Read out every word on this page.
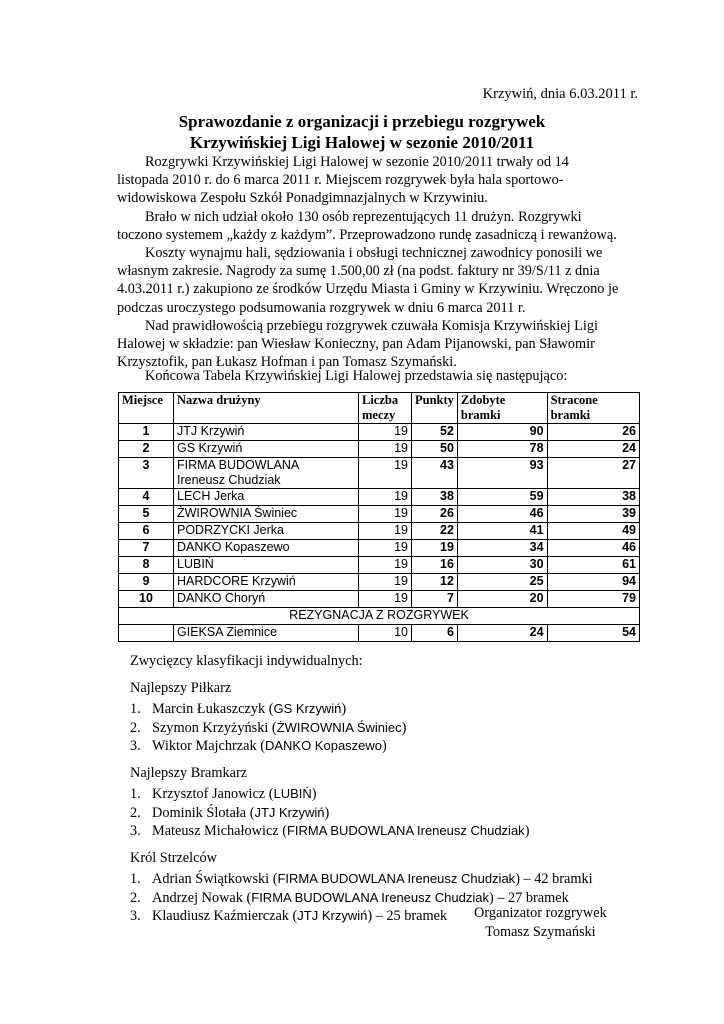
Krzywiń, dnia 6.03.2011 r.
Sprawozdanie z organizacji i przebiegu rozgrywek
Krzywińskiej Ligi Halowej w sezonie 2010/2011

Rozgrywki Krzywińskiej Ligi Halowej w sezonie 2010/2011 trwały od 14 listopada 2010 r. do 6 marca 2011 r. Miejscem rozgrywek była hala sportowo-widowiskowa Zespołu Szkół Ponadgimnazjalnych w Krzywiniu.

Brało w nich udział około 130 osób reprezentujących 11 drużyn. Rozgrywki toczono systemem „każdy z każdym”. Przeprowadzono rundę zasadniczą i rewanżową.

Koszty wynajmu hali, sędziowania i obsługi technicznej zawodnicy ponosili we własnym zakresie. Nagrody za sumę 1.500,00 zł (na podst. faktury nr 39/S/11 z dnia 4.03.2011 r.) zakupiono ze środków Urzędu Miasta i Gminy w Krzywiniu. Wręczono je podczas uroczystego podsumowania rozgrywek w dniu 6 marca 2011 r.

Nad prawidłowością przebiegu rozgrywek czuwała Komisja Krzywińskiej Ligi Halowej w składzie: pan Wiesław Konieczny, pan Adam Pijanowski, pan Sławomir Krzysztofik, pan Łukasz Hofman i pan Tomasz Szymański.

Końcowa Tabela Krzywińskiej Ligi Halowej przedstawia się następująco:
Miejsce	Nazwa drużyny	Liczba meczy	Punkty	Zdobyte bramki	Stracone bramki
1	JTJ Krzywiń	19	52	90	26
2	GS Krzywiń	19	50	78	24
3	FIRMA BUDOWLANA
Ireneusz Chudziak	19	43	93	27
4	LECH Jerka	19	38	59	38
5	ŻWIROWNIA Świniec	19	26	46	39
6	PODRZYCKI Jerka	19	22	41	49
7	DANKO Kopaszewo	19	19	34	46
8	LUBIŃ	19	16	30	61
9	HARDCORE Krzywiń	19	12	25	94
10	DANKO Choryń	19	7	20	79
REZYGNACJA Z ROZGRYWEK					
	GIEKSA Ziemnice	10	6	24	54
Zwycięzcy klasyfikacji indywidualnych:
Najlepszy Piłkarz
1. Marcin Łukaszczyk (GS Krzywiń)
2. Szymon Krzyżyński (ŻWIROWNIA Świniec)
3. Wiktor Majchrzak (DANKO Kopaszewo)
Najlepszy Bramkarz
1. Krzysztof Janowicz (LUBIŃ)
2. Dominik Ślotała (JTJ Krzywiń)
3. Mateusz Michałowicz (FIRMA BUDOWLANA Ireneusz Chudziak)
Król Strzelców
1. Adrian Świątkowski (FIRMA BUDOWLANA Ireneusz Chudziak) – 42 bramki
2. Andrzej Nowak (FIRMA BUDOWLANA Ireneusz Chudziak) – 27 bramek
3. Klaudiusz Kaźmierczak (JTJ Krzywiń) – 25 bramek	Organizator rozgrywek
Tomasz Szymański
